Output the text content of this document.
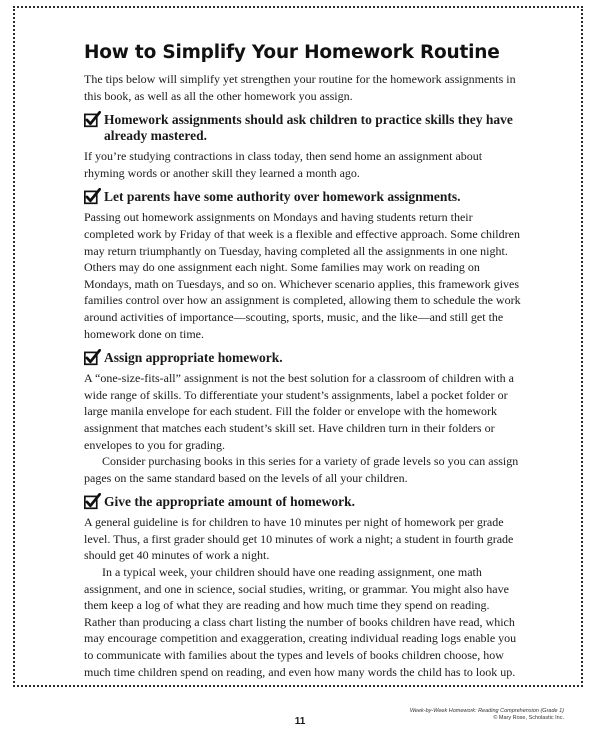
How to Simplify Your Homework Routine

The tips below will simplify yet strengthen your routine for the homework assignments in this book, as well as all the other homework you assign.

Homework assignments should ask children to practice skills they have already mastered.

If you’re studying contractions in class today, then send home an assignment about rhyming words or another skill they learned a month ago.

Let parents have some authority over homework assignments.

Passing out homework assignments on Mondays and having students return their completed work by Friday of that week is a flexible and effective approach. Some children may return triumphantly on Tuesday, having completed all the assignments in one night. Others may do one assignment each night. Some families may work on reading on Mondays, math on Tuesdays, and so on. Whichever scenario applies, this framework gives families control over how an assignment is completed, allowing them to schedule the work around activities of importance—scouting, sports, music, and the like—and still get the homework done on time.

Assign appropriate homework.

A “one-size-fits-all” assignment is not the best solution for a classroom of children with a wide range of skills. To differentiate your student’s assignments, label a pocket folder or large manila envelope for each student. Fill the folder or envelope with the homework assignment that matches each student’s skill set. Have children turn in their folders or envelopes to you for grading.

Consider purchasing books in this series for a variety of grade levels so you can assign pages on the same standard based on the levels of all your children.

Give the appropriate amount of homework.

A general guideline is for children to have 10 minutes per night of homework per grade level. Thus, a first grader should get 10 minutes of work a night; a student in fourth grade should get 40 minutes of work a night.

In a typical week, your children should have one reading assignment, one math assignment, and one in science, social studies, writing, or grammar. You might also have them keep a log of what they are reading and how much time they spend on reading. Rather than producing a class chart listing the number of books children have read, which may encourage competition and exaggeration, creating individual reading logs enable you to communicate with families about the types and levels of books children choose, how much time children spend on reading, and even how many words the child has to look up.

11
Week-by-Week Homework: Reading Comprehension (Grade 1)
© Mary Rose, Scholastic Inc.
